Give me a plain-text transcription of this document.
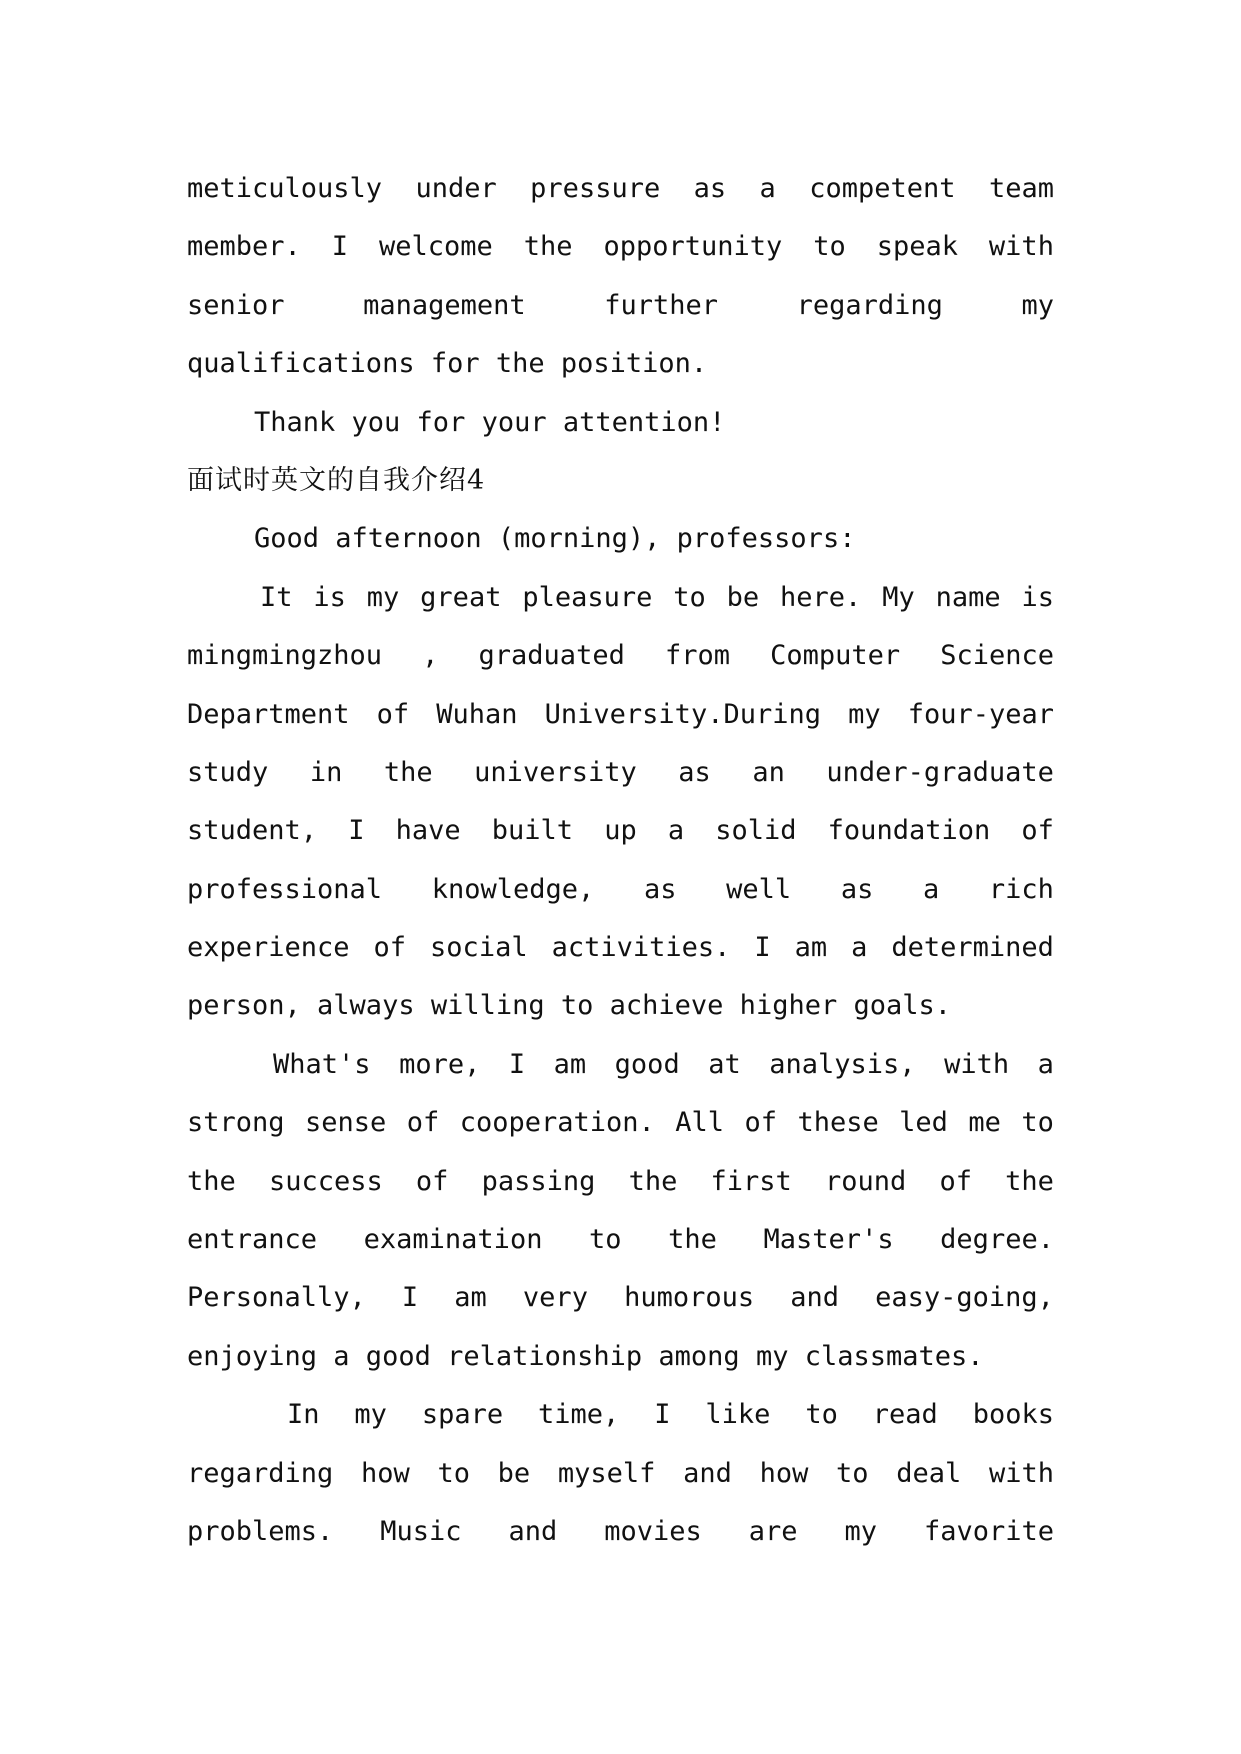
meticulously under pressure as a competent team
member. I welcome the opportunity to speak with
senior	management	further	regarding	my
qualifications for the position.
Thank you for your attention!
面试时英文的自我介绍4
Good afternoon (morning), professors:
It is my great pleasure to be here. My name is
mingmingzhou , graduated from Computer Science
Department of Wuhan University.During my four-year
study in the university as an under-graduate
student, I have built up a solid foundation of
professional knowledge, as well as a rich
experience of social activities. I am a determined
person, always willing to achieve higher goals.
What's more, I am good at analysis, with a
strong sense of cooperation. All of these led me to
the success of passing the first round of the
entrance examination to the Master's degree.
Personally, I am very humorous and easy-going,
enjoying a good relationship among my classmates.
In my spare time, I like to read books
regarding how to be myself and how to deal with
problems. Music and movies are my favorite
